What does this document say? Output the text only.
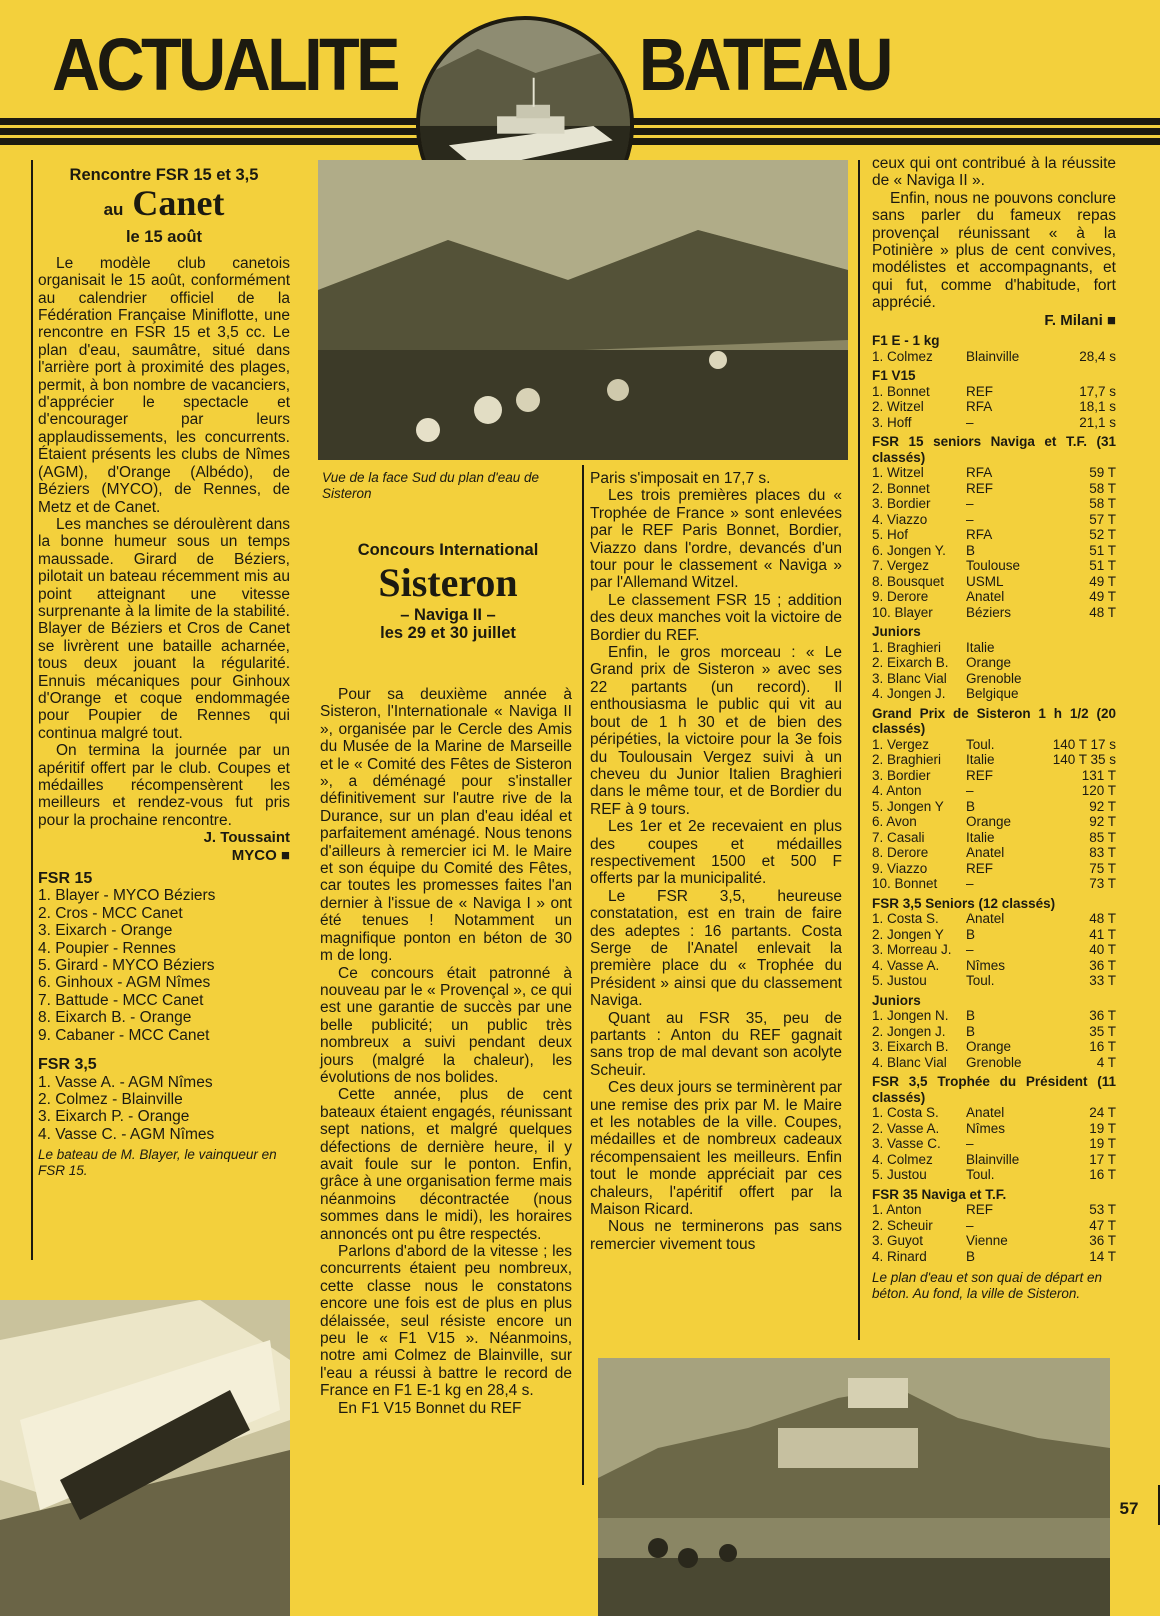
ACTUALITE	BATEAU
Rencontre FSR 15 et 3,5
au Canet
le 15 août

Le modèle club canetois organisait le 15 août, conformément au calendrier officiel de la Fédération Française Miniflotte, une rencontre en FSR 15 et 3,5 cc. Le plan d'eau, saumâtre, situé dans l'arrière port à proximité des plages, permit, à bon nombre de vacanciers, d'apprécier le spectacle et d'encourager par leurs applaudissements, les concurrents. Étaient présents les clubs de Nîmes (AGM), d'Orange (Albédo), de Béziers (MYCO), de Rennes, de Metz et de Canet.

Les manches se déroulèrent dans la bonne humeur sous un temps maussade. Girard de Béziers, pilotait un bateau récemment mis au point atteignant une vitesse surprenante à la limite de la stabilité. Blayer de Béziers et Cros de Canet se livrèrent une bataille acharnée, tous deux jouant la régularité. Ennuis mécaniques pour Ginhoux d'Orange et coque endommagée pour Poupier de Rennes qui continua malgré tout.

On termina la journée par un apéritif offert par le club. Coupes et médailles récompensèrent les meilleurs et rendez-vous fut pris pour la prochaine rencontre.

J. Toussaint
MYCO ■
FSR 15
1. Blayer - MYCO Béziers
2. Cros - MCC Canet
3. Eixarch - Orange
4. Poupier - Rennes
5. Girard - MYCO Béziers
6. Ginhoux - AGM Nîmes
7. Battude - MCC Canet
8. Eixarch B. - Orange
9. Cabaner - MCC Canet
FSR 3,5
1. Vasse A. - AGM Nîmes
2. Colmez - Blainville
3. Eixarch P. - Orange
4. Vasse C. - AGM Nîmes
Le bateau de M. Blayer, le vainqueur en FSR 15.
Vue de la face Sud du plan d'eau de Sisteron
Concours International
Sisteron
– Naviga II –
les 29 et 30 juillet

Pour sa deuxième année à Sisteron, l'Internationale « Naviga II », organisée par le Cercle des Amis du Musée de la Marine de Marseille et le « Comité des Fêtes de Sisteron », a déménagé pour s'installer définitivement sur l'autre rive de la Durance, sur un plan d'eau idéal et parfaitement aménagé. Nous tenons d'ailleurs à remercier ici M. le Maire et son équipe du Comité des Fêtes, car toutes les promesses faites l'an dernier à l'issue de « Naviga I » ont été tenues ! Notamment un magnifique ponton en béton de 30 m de long.

Ce concours était patronné à nouveau par le « Provençal », ce qui est une garantie de succès par une belle publicité; un public très nombreux a suivi pendant deux jours (malgré la chaleur), les évolutions de nos bolides.

Cette année, plus de cent bateaux étaient engagés, réunissant sept nations, et malgré quelques défections de dernière heure, il y avait foule sur le ponton. Enfin, grâce à une organisation ferme mais néanmoins décontractée (nous sommes dans le midi), les horaires annoncés ont pu être respectés.

Parlons d'abord de la vitesse ; les concurrents étaient peu nombreux, cette classe nous le constatons encore une fois est de plus en plus délaissée, seul résiste encore un peu le « F1 V15 ». Néanmoins, notre ami Colmez de Blainville, sur l'eau a réussi à battre le record de France en F1 E-1 kg en 28,4 s.

En F1 V15 Bonnet du REF

Paris s'imposait en 17,7 s.

Les trois premières places du « Trophée de France » sont enlevées par le REF Paris Bonnet, Bordier, Viazzo dans l'ordre, devancés d'un tour pour le classement « Naviga » par l'Allemand Witzel.

Le classement FSR 15 ; addition des deux manches voit la victoire de Bordier du REF.

Enfin, le gros morceau : « Le Grand prix de Sisteron » avec ses 22 partants (un record). Il enthousiasma le public qui vit au bout de 1 h 30 et de bien des péripéties, la victoire pour la 3e fois du Toulousain Vergez suivi à un cheveu du Junior Italien Braghieri dans le même tour, et de Bordier du REF à 9 tours.

Les 1er et 2e recevaient en plus des coupes et médailles respectivement 1500 et 500 F offerts par la municipalité.

Le FSR 3,5, heureuse constatation, est en train de faire des adeptes : 16 partants. Costa Serge de l'Anatel enlevait la première place du « Trophée du Président » ainsi que du classement Naviga.

Quant au FSR 35, peu de partants : Anton du REF gagnait sans trop de mal devant son acolyte Scheuir.

Ces deux jours se terminèrent par une remise des prix par M. le Maire et les notables de la ville. Coupes, médailles et de nombreux cadeaux récompensaient les meilleurs. Enfin tout le monde appréciait par ces chaleurs, l'apéritif offert par la Maison Ricard.

Nous ne terminerons pas sans remercier vivement tous

ceux qui ont contribué à la réussite de « Naviga II ».

Enfin, nous ne pouvons conclure sans parler du fameux repas provençal réunissant « à la Potinière » plus de cent convives, modélistes et accompagnants, et qui fut, comme d'habitude, fort apprécié.

F. Milani ■
F1 E - 1 kg
1. Colmez	Blainville	28,4 s
F1 V15
1. Bonnet	REF	17,7 s
2. Witzel	RFA	18,1 s
3. Hoff	–	21,1 s
FSR 15 seniors Naviga et T.F. (31 classés)
1. Witzel	RFA	59 T
2. Bonnet	REF	58 T
3. Bordier	–	58 T
4. Viazzo	–	57 T
5. Hof	RFA	52 T
6. Jongen Y.	B	51 T
7. Vergez	Toulouse	51 T
8. Bousquet	USML	49 T
9. Derore	Anatel	49 T
10. Blayer	Béziers	48 T
Juniors
1. Braghieri	Italie	
2. Eixarch B.	Orange	
3. Blanc Vial	Grenoble	
4. Jongen J.	Belgique	
Grand Prix de Sisteron 1 h 1/2 (20 classés)
1. Vergez	Toul.	140 T 17 s
2. Braghieri	Italie	140 T 35 s
3. Bordier	REF	131 T
4. Anton	–	120 T
5. Jongen Y	B	92 T
6. Avon	Orange	92 T
7. Casali	Italie	85 T
8. Derore	Anatel	83 T
9. Viazzo	REF	75 T
10. Bonnet	–	73 T
FSR 3,5 Seniors (12 classés)
1. Costa S.	Anatel	48 T
2. Jongen Y	B	41 T
3. Morreau J.	–	40 T
4. Vasse A.	Nîmes	36 T
5. Justou	Toul.	33 T
Juniors
1. Jongen N.	B	36 T
2. Jongen J.	B	35 T
3. Eixarch B.	Orange	16 T
4. Blanc Vial	Grenoble	4 T
FSR 3,5 Trophée du Président (11 classés)
1. Costa S.	Anatel	24 T
2. Vasse A.	Nîmes	19 T
3. Vasse C.	–	19 T
4. Colmez	Blainville	17 T
5. Justou	Toul.	16 T
FSR 35 Naviga et T.F.
1. Anton	REF	53 T
2. Scheuir	–	47 T
3. Guyot	Vienne	36 T
4. Rinard	B	14 T
Le plan d'eau et son quai de départ en béton. Au fond, la ville de Sisteron.
57
